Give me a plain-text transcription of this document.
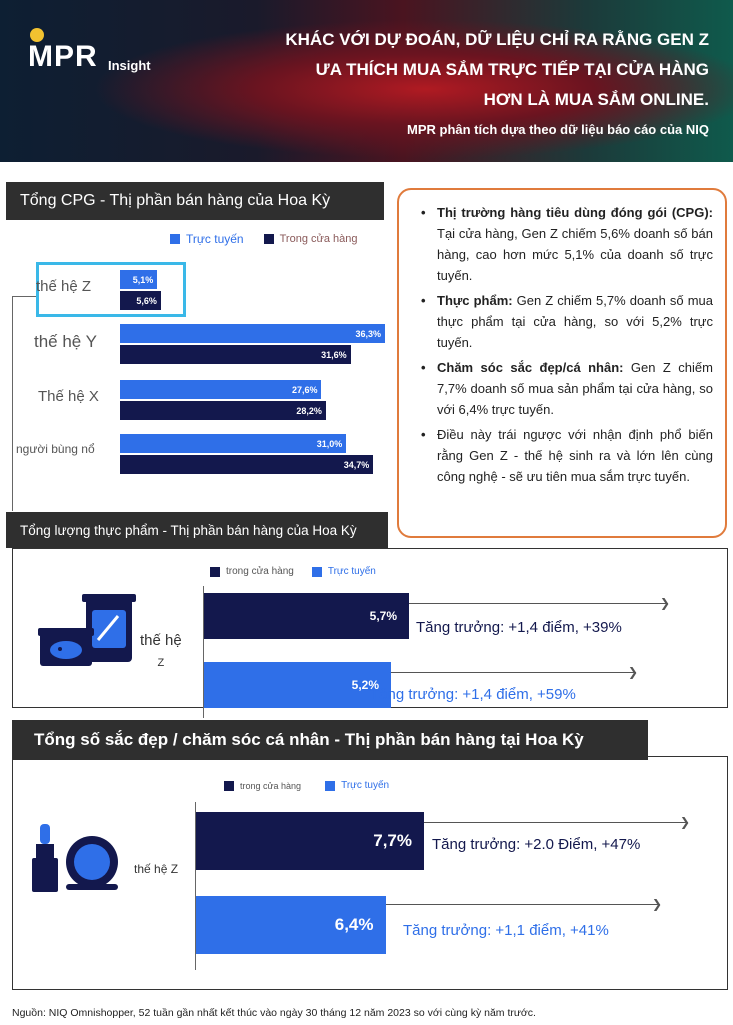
MPR Insight
KHÁC VỚI DỰ ĐOÁN, DỮ LIỆU CHỈ RA RẰNG GEN Z
ƯA THÍCH MUA SẮM TRỰC TIẾP TẠI CỬA HÀNG
HƠN LÀ MUA SẮM ONLINE.
MPR phân tích dựa theo dữ liệu báo cáo của NIQ
Tổng CPG - Thị phần bán hàng của Hoa Kỳ
Trực tuyến	Trong cửa hàng
thế hệ Z	5,1%
5,6%
thế hệ Y	36,3%
31,6%
Thế hệ X	27,6%
28,2%
người bùng nổ	31,0%
34,7%
• Thị trường hàng tiêu dùng đóng gói (CPG): Tại cửa hàng, Gen Z chiếm 5,6% doanh số bán hàng, cao hơn mức 5,1% của doanh số trực tuyến.
• Thực phẩm: Gen Z chiếm 5,7% doanh số mua thực phẩm tại cửa hàng, so với 5,2% trực tuyến.
• Chăm sóc sắc đẹp/cá nhân: Gen Z chiếm 7,7% doanh số mua sản phẩm tại cửa hàng, so với 6,4% trực tuyến.
• Điều này trái ngược với nhận định phổ biến rằng Gen Z - thế hệ sinh ra và lớn lên cùng công nghệ - sẽ ưu tiên mua sắm trực tuyến.
Tổng lượng thực phẩm - Thị phần bán hàng của Hoa Kỳ
trong cửa hàng	Trực tuyến
thế hệ
Z
5,7%
❯
Tăng trưởng: +1,4 điểm, +39%
5,2%
❯
Tăng trưởng: +1,4 điểm, +59%
Tổng số sắc đẹp / chăm sóc cá nhân - Thị phần bán hàng tại Hoa Kỳ
trong cửa hàng	Trực tuyến
thế hệ Z
7,7%
❯
Tăng trưởng: +2.0 Điểm, +47%
6,4%
❯
Tăng trưởng: +1,1 điểm, +41%
Nguồn: NIQ Omnishopper, 52 tuần gần nhất kết thúc vào ngày 30 tháng 12 năm 2023 so với cùng kỳ năm trước.
